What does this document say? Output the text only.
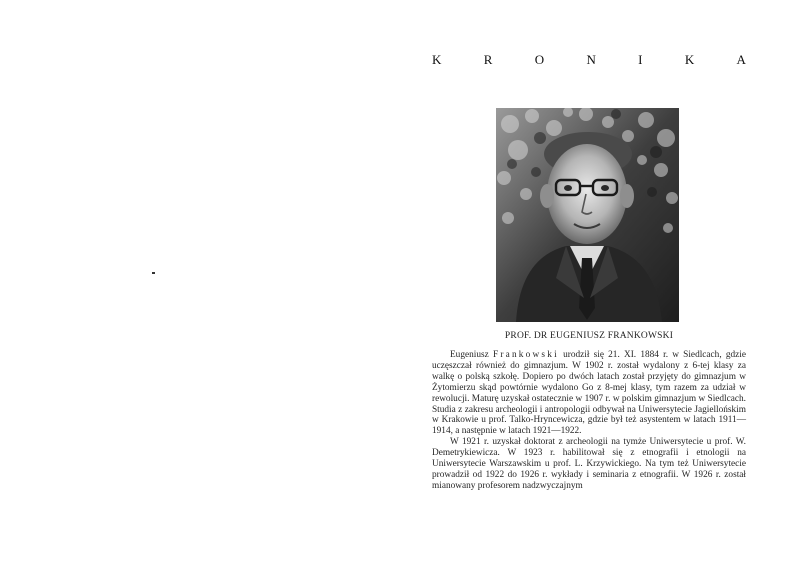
K	R	O	N	I	K	A
PROF. DR EUGENIUSZ FRANKOWSKI

Eugeniusz Frankowski urodził się 21. XI. 1884 r. w Siedlcach, gdzie uczęszczał również do gimnazjum. W 1902 r. został wydalony z 6-tej klasy za walkę o polską szkołę. Dopiero po dwóch latach został przyjęty do gimnazjum w Żytomierzu skąd powtórnie wydalono Go z 8-mej klasy, tym razem za udział w rewolucji. Maturę uzyskał ostatecznie w 1907 r. w polskim gimnazjum w Siedlcach. Studia z zakresu archeologii i antropologii odbywał na Uniwersytecie Jagiellońskim w Krakowie u prof. Talko-Hryncewicza, gdzie był też asystentem w latach 1911—1914, a następnie w latach 1921—1922.

W 1921 r. uzyskał doktorat z archeologii na tymże Uniwersytecie u prof. W. Demetrykiewicza. W 1923 r. habilitował się z etnografii i etnologii na Uniwersytecie Warszawskim u prof. L. Krzywickiego. Na tym też Uniwersytecie prowadził od 1922 do 1926 r. wykłady i seminaria z etnografii. W 1926 r. został mianowany profesorem nadzwyczajnym
